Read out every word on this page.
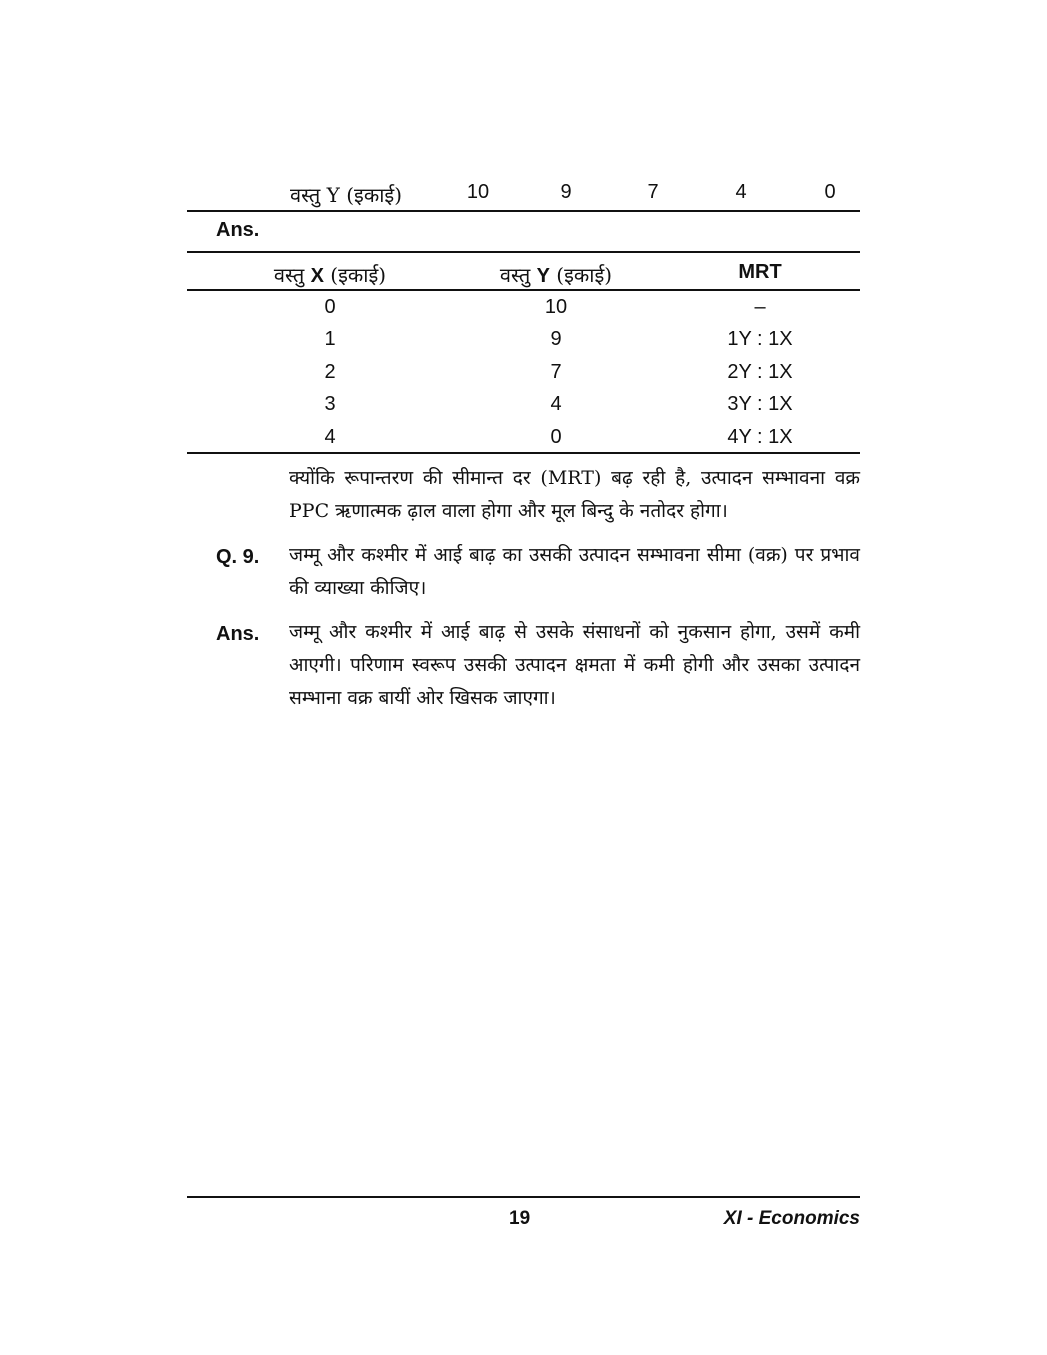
वस्तु Y (इकाई)	10	9	7	4	0
Ans.
वस्तु X (इकाई)	वस्तु Y (इकाई)	MRT
0	10	–
1	9	1Y : 1X
2	7	2Y : 1X
3	4	3Y : 1X
4	0	4Y : 1X
क्योंकि रूपान्तरण की सीमान्त दर (MRT) बढ़ रही है, उत्पादन सम्भावना वक्र PPC ऋणात्मक ढ़ाल वाला होगा और मूल बिन्दु के नतोदर होगा।
Q. 9. जम्मू और कश्मीर में आई बाढ़ का उसकी उत्पादन सम्भावना सीमा (वक्र) पर प्रभाव की व्याख्या कीजिए।
Ans. जम्मू और कश्मीर में आई बाढ़ से उसके संसाधनों को नुकसान होगा, उसमें कमी आएगी। परिणाम स्वरूप उसकी उत्पादन क्षमता में कमी होगी और उसका उत्पादन सम्भाना वक्र बायीं ओर खिसक जाएगा।
19	XI - Economics
